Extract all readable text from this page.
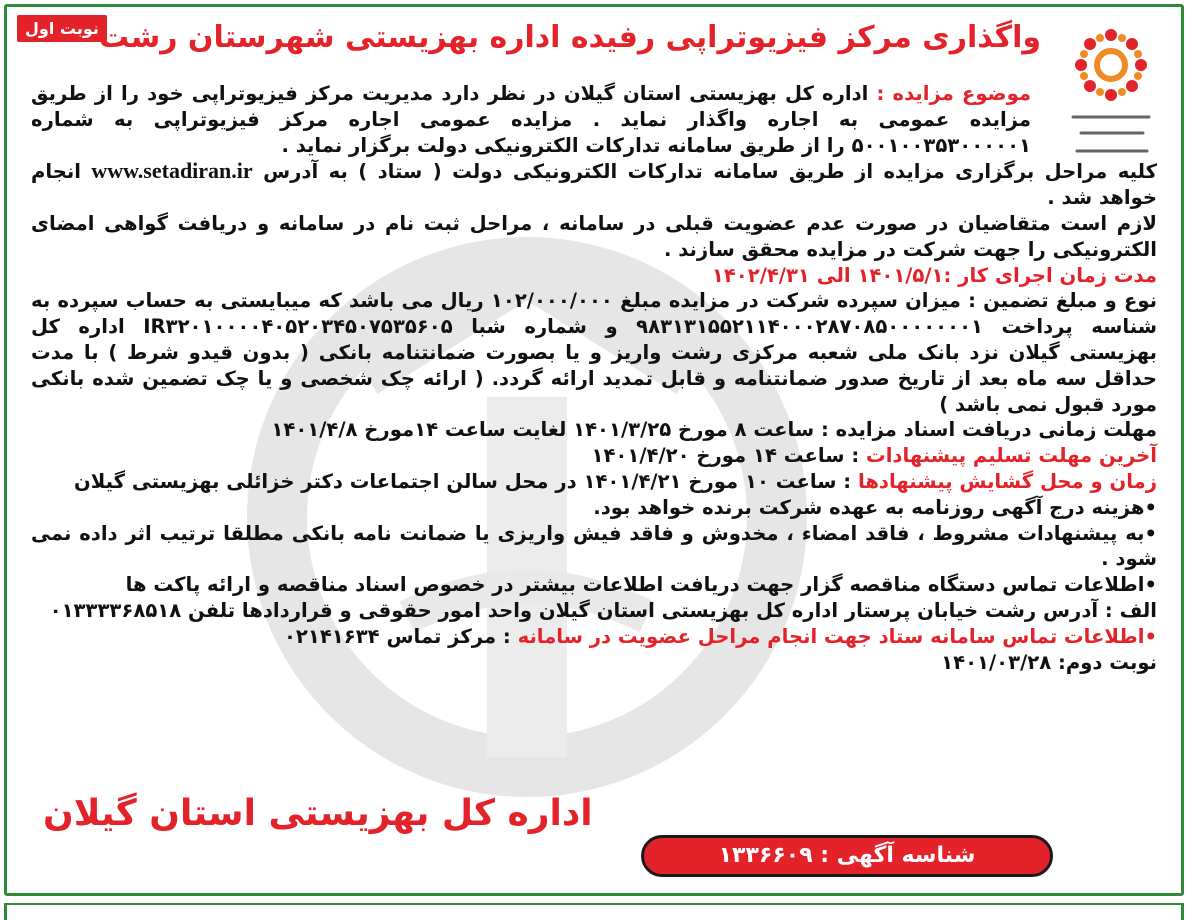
نوبت اول واگذاری مرکز فیزیوتراپی رفیده اداره بهزیستی شهرستان رشت

موضوع مزایده : اداره کل بهزیستی استان گیلان در نظر دارد مدیریت مرکز فیزیوتراپی خود را از طریق مزایده عمومی به اجاره واگذار نماید . مزایده عمومی اجاره مرکز فیزیوتراپی به شماره ۵۰۰۱۰۰۳۵۳۰۰۰۰۰۱ را از طریق سامانه تدارکات الکترونیکی دولت برگزار نماید .

کلیه مراحل برگزاری مزایده از طریق سامانه تدارکات الکترونیکی دولت ( ستاد ) به آدرس www.setadiran.ir انجام خواهد شد .

لازم است متقاضیان در صورت عدم عضویت قبلی در سامانه ، مراحل ثبت نام در سامانه و دریافت گواهی امضای الکترونیکی را جهت شرکت در مزایده محقق سازند .

مدت زمان اجرای کار :۱۴۰۱/۵/۱ الی ۱۴۰۲/۴/۳۱

نوع و مبلغ تضمین : میزان سپرده شرکت در مزایده مبلغ ۱۰۲/۰۰۰/۰۰۰ ریال می باشد که میبایستی به حساب سپرده به شناسه پرداخت ۹۸۳۱۳۱۵۵۲۱۱۴۰۰۰۲۸۷۰۸۵۰۰۰۰۰۰۰۱ و شماره شبا IR۳۲۰۱۰۰۰۰۴۰۵۲۰۳۴۵۰۷۵۳۵۶۰۵ اداره کل بهزیستی گیلان نزد بانک ملی شعبه مرکزی رشت واریز و یا بصورت ضمانتنامه بانکی ( بدون قیدو شرط ) با مدت حداقل سه ماه بعد از تاریخ صدور ضمانتنامه و قابل تمدید ارائه گردد. ( ارائه چک شخصی و یا چک تضمین شده بانکی مورد قبول نمی باشد )

مهلت زمانی دریافت اسناد مزایده : ساعت ۸ مورخ ۱۴۰۱/۳/۲۵ لغایت ساعت ۱۴مورخ ۱۴۰۱/۴/۸

آخرین مهلت تسلیم پیشنهادات : ساعت ۱۴ مورخ ۱۴۰۱/۴/۲۰

زمان و محل گشایش پیشنهادها : ساعت ۱۰ مورخ ۱۴۰۱/۴/۲۱ در محل سالن اجتماعات دکتر خزائلی بهزیستی گیلان

•هزینه درج آگهی روزنامه به عهده شرکت برنده خواهد بود.

•به پیشنهادات مشروط ، فاقد امضاء ، مخدوش و فاقد فیش واریزی یا ضمانت نامه بانکی مطلقا ترتیب اثر داده نمی شود .

•اطلاعات تماس دستگاه مناقصه گزار جهت دریافت اطلاعات بیشتر در خصوص اسناد مناقصه و ارائه پاکت ها

الف : آدرس رشت خیابان پرستار اداره کل بهزیستی استان گیلان واحد امور حقوقی و قراردادها تلفن ۰۱۳۳۳۳۶۸۵۱۸

•اطلاعات تماس سامانه ستاد جهت انجام مراحل عضویت در سامانه : مرکز تماس ۰۲۱۴۱۶۳۴

نوبت دوم: ۱۴۰۱/۰۳/۲۸

اداره کل بهزیستی استان گیلان
شناسه آگهی : ۱۳۳۶۶۰۹
